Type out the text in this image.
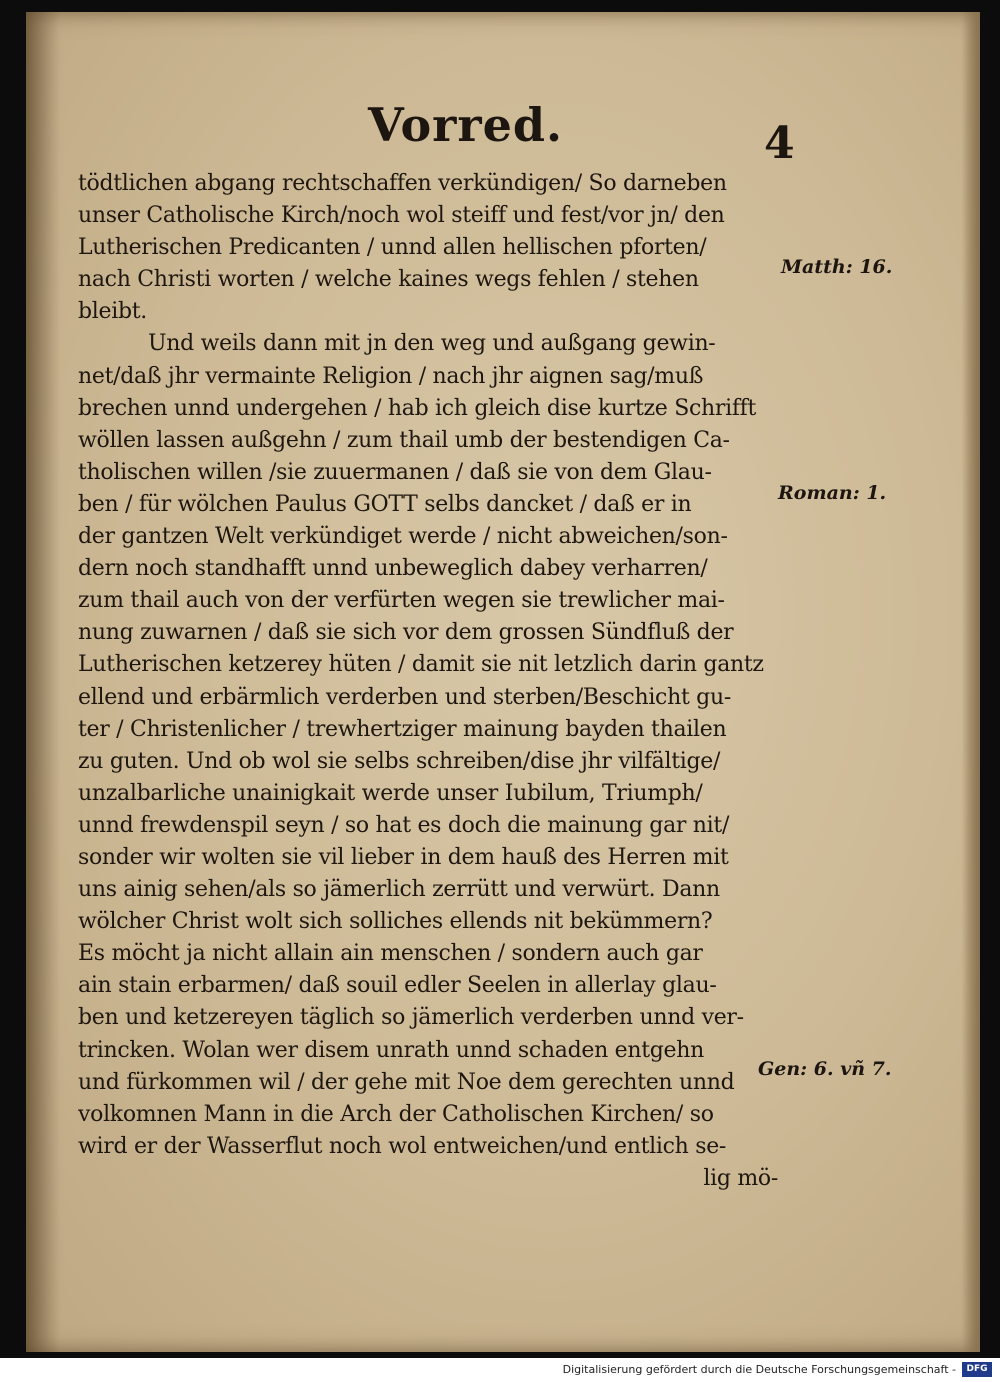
Vorred.	4
tödtlichen abgang rechtschaffen verkündigen/ So darneben
unser Catholische Kirch/noch wol steiff und fest/vor jn/ den
Lutherischen Predicanten / unnd allen hellischen pforten/
nach Christi worten / welche kaines wegs fehlen / stehen
bleibt.
Und weils dann mit jn den weg und außgang gewin-
net/daß jhr vermainte Religion / nach jhr aignen sag/muß
brechen unnd undergehen / hab ich gleich dise kurtze Schrifft
wöllen lassen außgehn / zum thail umb der bestendigen Ca-
tholischen willen /sie zuuermanen / daß sie von dem Glau-
ben / für wölchen Paulus GOTT selbs dancket / daß er in
der gantzen Welt verkündiget werde / nicht abweichen/son-
dern noch standhafft unnd unbeweglich dabey verharren/
zum thail auch von der verfürten wegen sie trewlicher mai-
nung zuwarnen / daß sie sich vor dem grossen Sündfluß der
Lutherischen ketzerey hüten / damit sie nit letzlich darin gantz
ellend und erbärmlich verderben und sterben/Beschicht gu-
ter / Christenlicher / trewhertziger mainung bayden thailen
zu guten. Und ob wol sie selbs schreiben/dise jhr vilfältige/
unzalbarliche unainigkait werde unser Iubilum, Triumph/
unnd frewdenspil seyn / so hat es doch die mainung gar nit/
sonder wir wolten sie vil lieber in dem hauß des Herren mit
uns ainig sehen/als so jämerlich zerrütt und verwürt. Dann
wölcher Christ wolt sich solliches ellends nit bekümmern?
Es möcht ja nicht allain ain menschen / sondern auch gar
ain stain erbarmen/ daß souil edler Seelen in allerlay glau-
ben und ketzereyen täglich so jämerlich verderben unnd ver-
trincken. Wolan wer disem unrath unnd schaden entgehn
und fürkommen wil / der gehe mit Noe dem gerechten unnd
volkomnen Mann in die Arch der Catholischen Kirchen/ so
wird er der Wasserflut noch wol entweichen/und entlich se-
lig mö-
Matth: 16.
Roman: 1.
Gen: 6. vñ 7.
Digitalisierung gefördert durch die Deutsche Forschungsgemeinschaft -	DFG
